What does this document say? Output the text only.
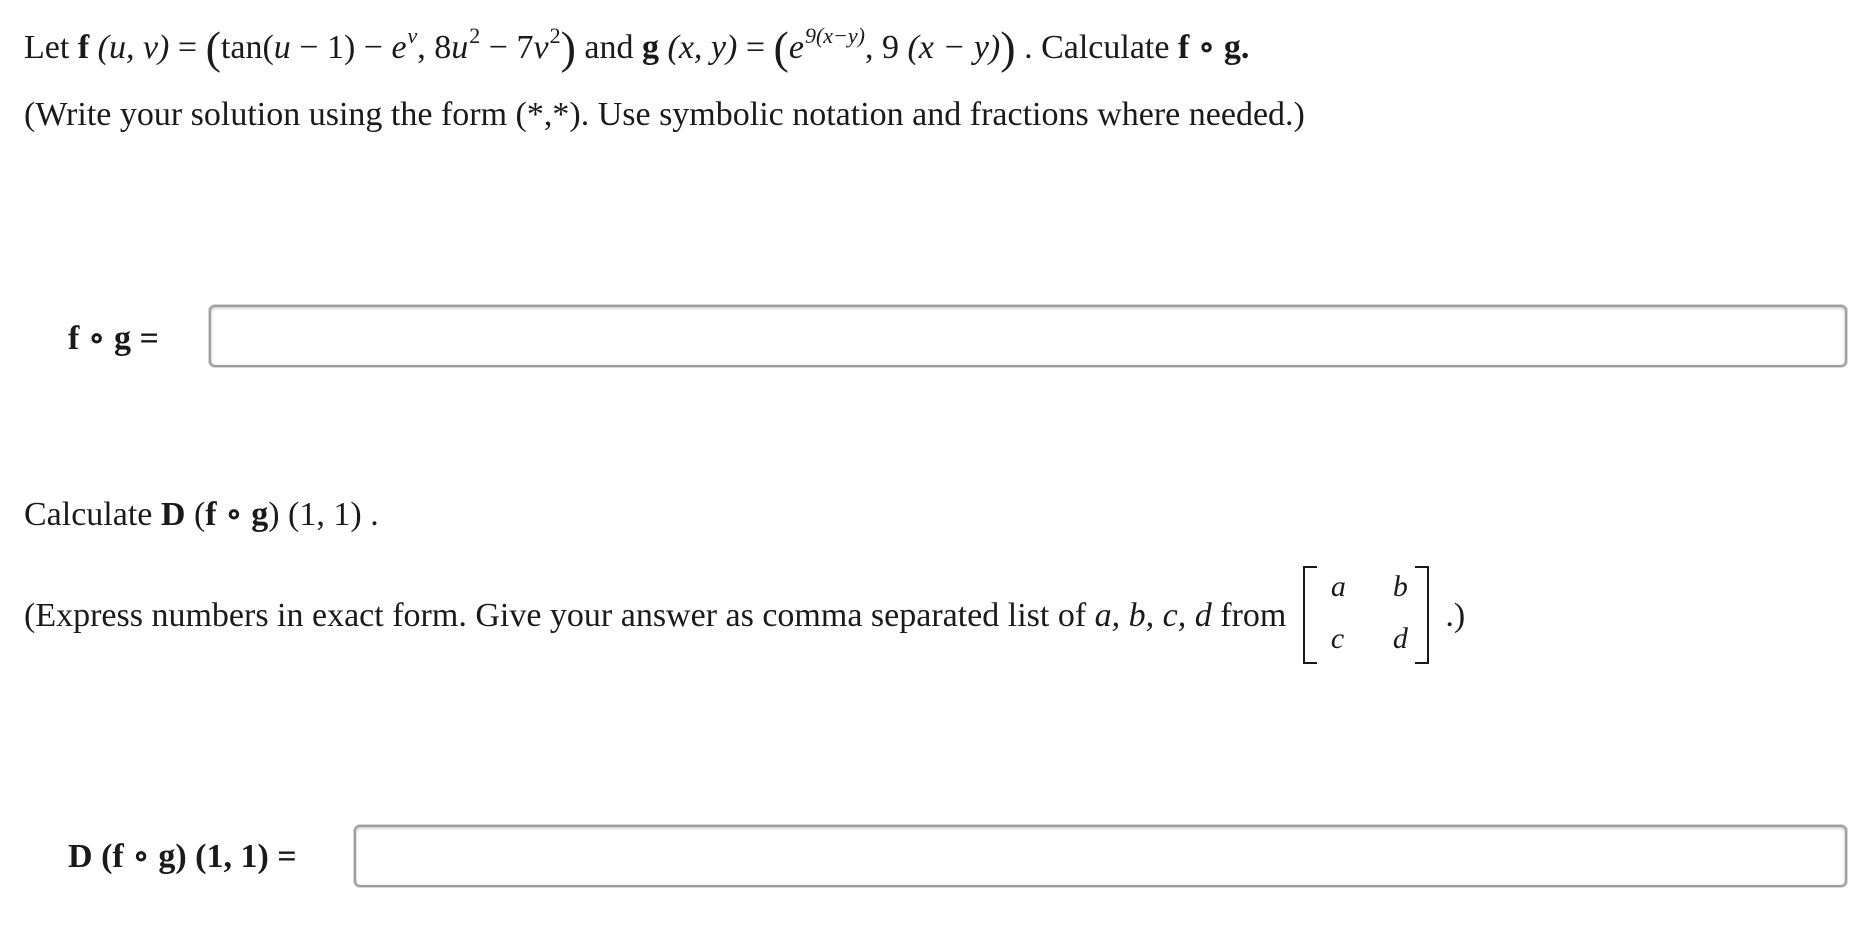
Let f (u, $v) = (\tan(u - 1) - e^v$, $8u^2 - 7v^2$) and g (x, $y) = (e^{9(x-y)}$, 9 (x − y)) . Calculate f ∘ g.
(Write your solution using the form (*,*). Use symbolic notation and fractions where needed.)
f ∘ g =
Calculate D (f ∘ g) (1, 1) .
(Express numbers in exact form. Give your answer as comma separated list of a, b, c, d from
a b
c d
.)
D (f ∘ g) (1, 1) =
